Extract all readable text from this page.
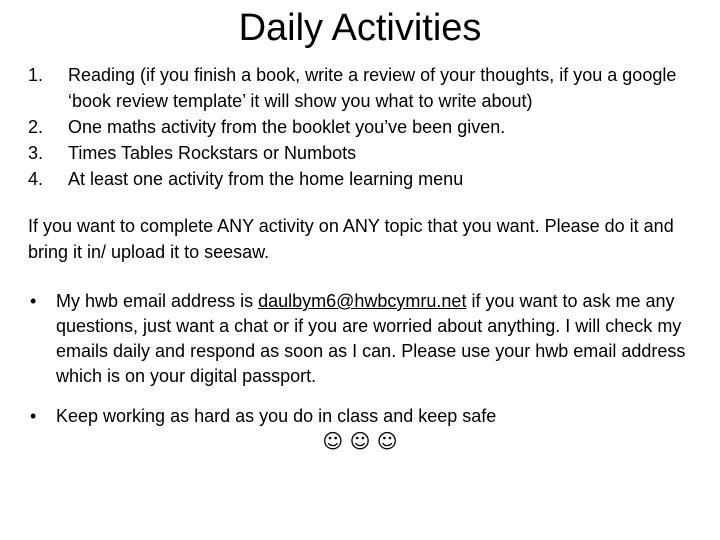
Daily Activities
1.	Reading (if you finish a book, write a review of your thoughts, if you a google ‘book review template’ it will show you what to write about)
2.	One maths activity from the booklet you’ve been given.
3.	Times Tables Rockstars or Numbots
4.	At least one activity from the home learning menu
If you want to complete ANY activity on ANY topic that you want. Please do it and bring it in/ upload it to seesaw.
•	My hwb email address is daulbym6@hwbcymru.net if you want to ask me any questions, just want a chat or if you are worried about anything. I will check my emails daily and respond as soon as I can. Please use your hwb email address which is on your digital passport.
•	Keep working as hard as you do in class and keep safe
☺ ☺ ☺
